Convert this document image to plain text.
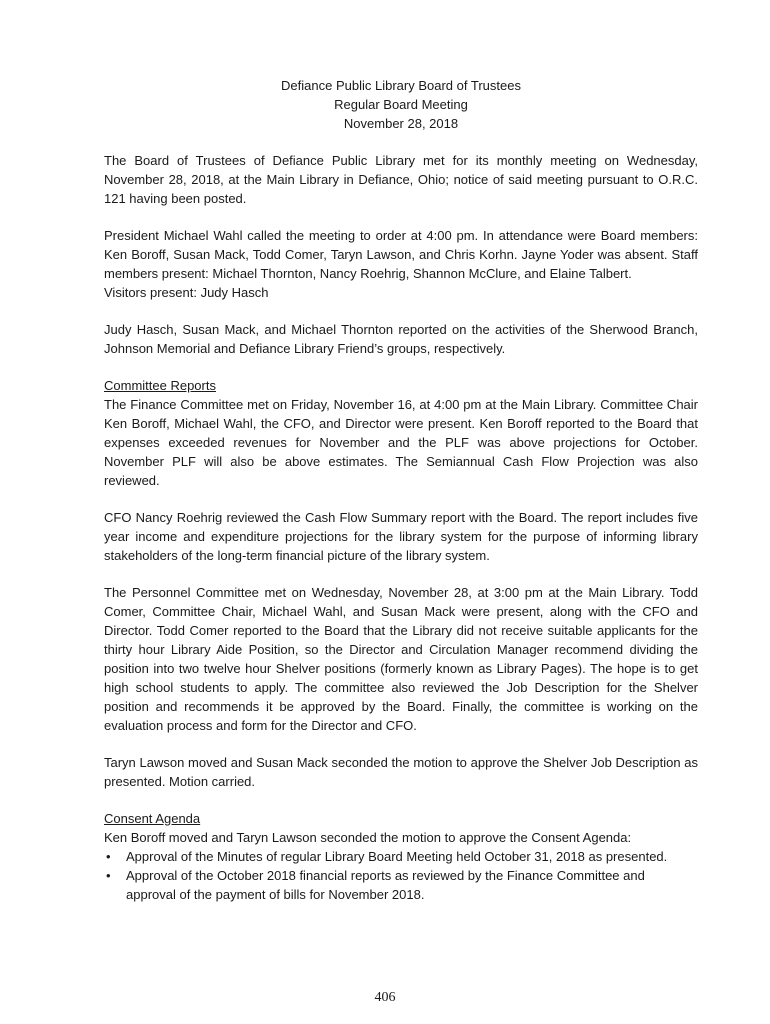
Defiance Public Library Board of Trustees
Regular Board Meeting
November 28, 2018

The Board of Trustees of Defiance Public Library met for its monthly meeting on Wednesday, November 28, 2018, at the Main Library in Defiance, Ohio; notice of said meeting pursuant to O.R.C. 121 having been posted.

President Michael Wahl called the meeting to order at 4:00 pm. In attendance were Board members: Ken Boroff, Susan Mack, Todd Comer, Taryn Lawson, and Chris Korhn. Jayne Yoder was absent. Staff members present: Michael Thornton, Nancy Roehrig, Shannon McClure, and Elaine Talbert.

Visitors present: Judy Hasch

Judy Hasch, Susan Mack, and Michael Thornton reported on the activities of the Sherwood Branch, Johnson Memorial and Defiance Library Friend’s groups, respectively.

Committee Reports

The Finance Committee met on Friday, November 16, at 4:00 pm at the Main Library. Committee Chair Ken Boroff, Michael Wahl, the CFO, and Director were present. Ken Boroff reported to the Board that expenses exceeded revenues for November and the PLF was above projections for October. November PLF will also be above estimates. The Semiannual Cash Flow Projection was also reviewed.

CFO Nancy Roehrig reviewed the Cash Flow Summary report with the Board. The report includes five year income and expenditure projections for the library system for the purpose of informing library stakeholders of the long-term financial picture of the library system.

The Personnel Committee met on Wednesday, November 28, at 3:00 pm at the Main Library. Todd Comer, Committee Chair, Michael Wahl, and Susan Mack were present, along with the CFO and Director. Todd Comer reported to the Board that the Library did not receive suitable applicants for the thirty hour Library Aide Position, so the Director and Circulation Manager recommend dividing the position into two twelve hour Shelver positions (formerly known as Library Pages). The hope is to get high school students to apply. The committee also reviewed the Job Description for the Shelver position and recommends it be approved by the Board. Finally, the committee is working on the evaluation process and form for the Director and CFO.

Taryn Lawson moved and Susan Mack seconded the motion to approve the Shelver Job Description as presented. Motion carried.

Consent Agenda

Ken Boroff moved and Taryn Lawson seconded the motion to approve the Consent Agenda:

• Approval of the Minutes of regular Library Board Meeting held October 31, 2018 as presented.
• Approval of the October 2018 financial reports as reviewed by the Finance Committee and approval of the payment of bills for November 2018.
406
